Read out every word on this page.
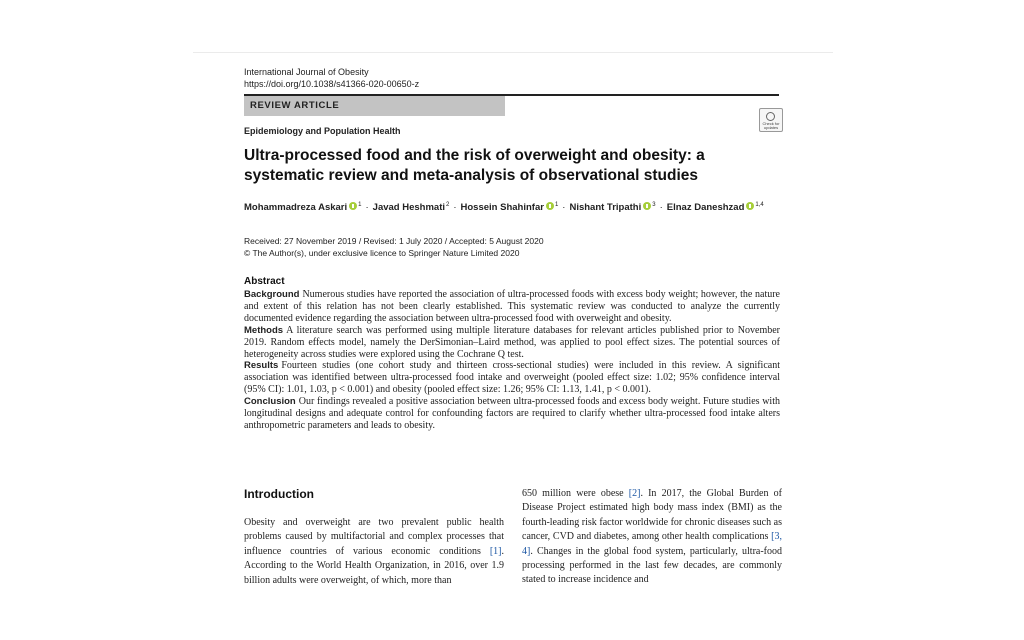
International Journal of Obesity
https://doi.org/10.1038/s41366-020-00650-z
REVIEW ARTICLE
Check for updates
Epidemiology and Population Health
Ultra-processed food and the risk of overweight and obesity: a systematic review and meta-analysis of observational studies
Mohammadreza Askari $^1$ · Javad Heshmati$^2$ · Hossein Shahinfar $^1$ · Nishant Tripathi $^3$ · Elnaz Daneshzad $^{1,4}$
Received: 27 November 2019 / Revised: 1 July 2020 / Accepted: 5 August 2020
© The Author(s), under exclusive licence to Springer Nature Limited 2020
Abstract

Background Numerous studies have reported the association of ultra-processed foods with excess body weight; however, the nature and extent of this relation has not been clearly established. This systematic review was conducted to analyze the currently documented evidence regarding the association between ultra-processed food with overweight and obesity.

Methods A literature search was performed using multiple literature databases for relevant articles published prior to November 2019. Random effects model, namely the DerSimonian–Laird method, was applied to pool effect sizes. The potential sources of heterogeneity across studies were explored using the Cochrane Q test.

Results Fourteen studies (one cohort study and thirteen cross-sectional studies) were included in this review. A significant association was identified between ultra-processed food intake and overweight (pooled effect size: 1.02; 95% confidence interval (95% CI): 1.01, 1.03, p < 0.001) and obesity (pooled effect size: 1.26; 95% CI: 1.13, 1.41, p < 0.001).

Conclusion Our findings revealed a positive association between ultra-processed foods and excess body weight. Future studies with longitudinal designs and adequate control for confounding factors are required to clarify whether ultra-processed food intake alters anthropometric parameters and leads to obesity.

Introduction

Obesity and overweight are two prevalent public health problems caused by multifactorial and complex processes that influence countries of various economic conditions [1]. According to the World Health Organization, in 2016, over 1.9 billion adults were overweight, of which, more than

650 million were obese [2]. In 2017, the Global Burden of Disease Project estimated high body mass index (BMI) as the fourth-leading risk factor worldwide for chronic diseases such as cancer, CVD and diabetes, among other health complications [3, 4]. Changes in the global food system, particularly, ultra-food processing performed in the last few decades, are commonly stated to increase incidence and
